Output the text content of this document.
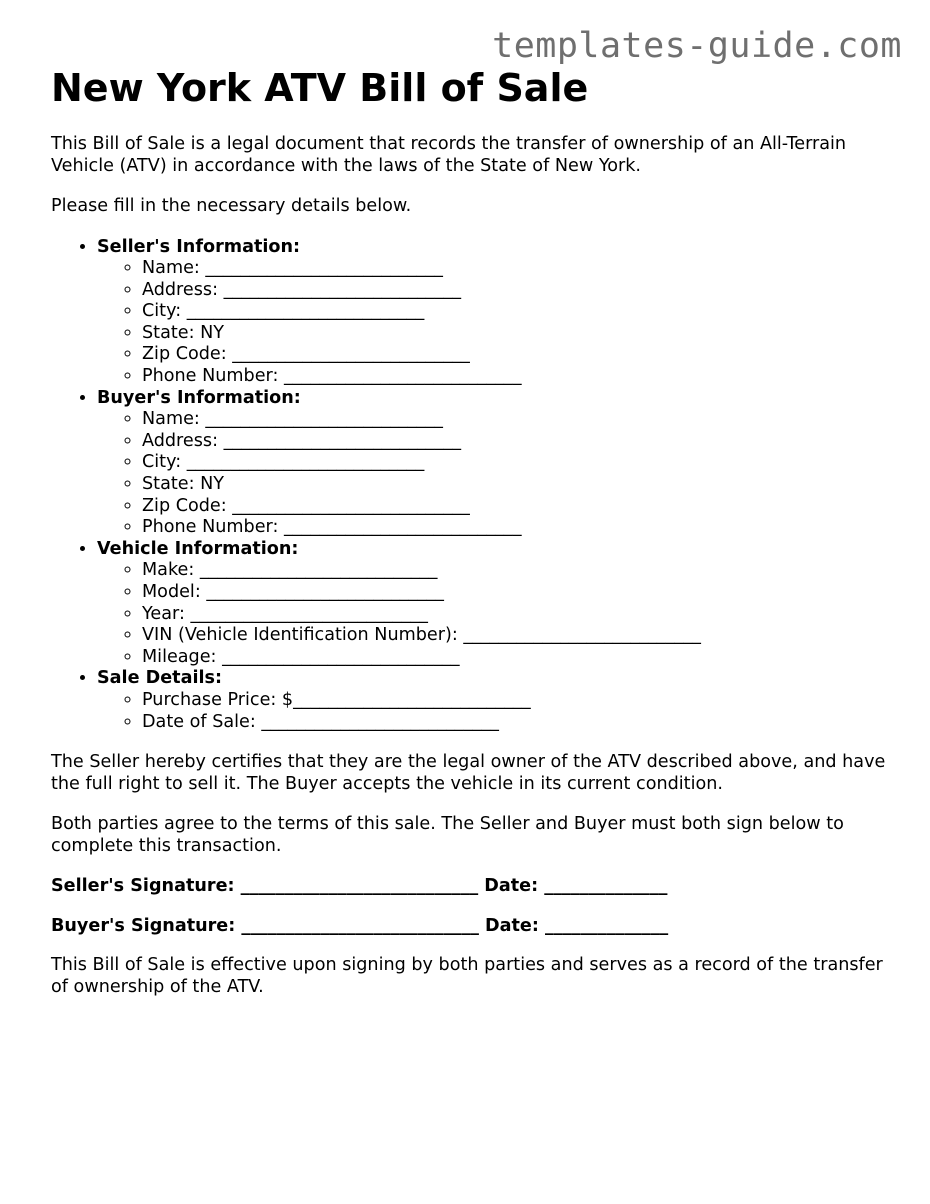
templates-guide.com
New York ATV Bill of Sale

This Bill of Sale is a legal document that records the transfer of ownership of an All-Terrain Vehicle (ATV) in accordance with the laws of the State of New York.

Please fill in the necessary details below.

• Seller's Information:
◦ Name: ___________________________
◦ Address: ___________________________
◦ City: ___________________________
◦ State: NY
◦ Zip Code: ___________________________
◦ Phone Number: ___________________________
• Buyer's Information:
◦ Name: ___________________________
◦ Address: ___________________________
◦ City: ___________________________
◦ State: NY
◦ Zip Code: ___________________________
◦ Phone Number: ___________________________
• Vehicle Information:
◦ Make: ___________________________
◦ Model: ___________________________
◦ Year: ___________________________
◦ VIN (Vehicle Identification Number): ___________________________
◦ Mileage: ___________________________
• Sale Details:
◦ Purchase Price: $___________________________
◦ Date of Sale: ___________________________

The Seller hereby certifies that they are the legal owner of the ATV described above, and have the full right to sell it. The Buyer accepts the vehicle in its current condition.

Both parties agree to the terms of this sale. The Seller and Buyer must both sign below to complete this transaction.

Seller's Signature: ___________________________ Date: ______________

Buyer's Signature: ___________________________ Date: ______________

This Bill of Sale is effective upon signing by both parties and serves as a record of the transfer of ownership of the ATV.
